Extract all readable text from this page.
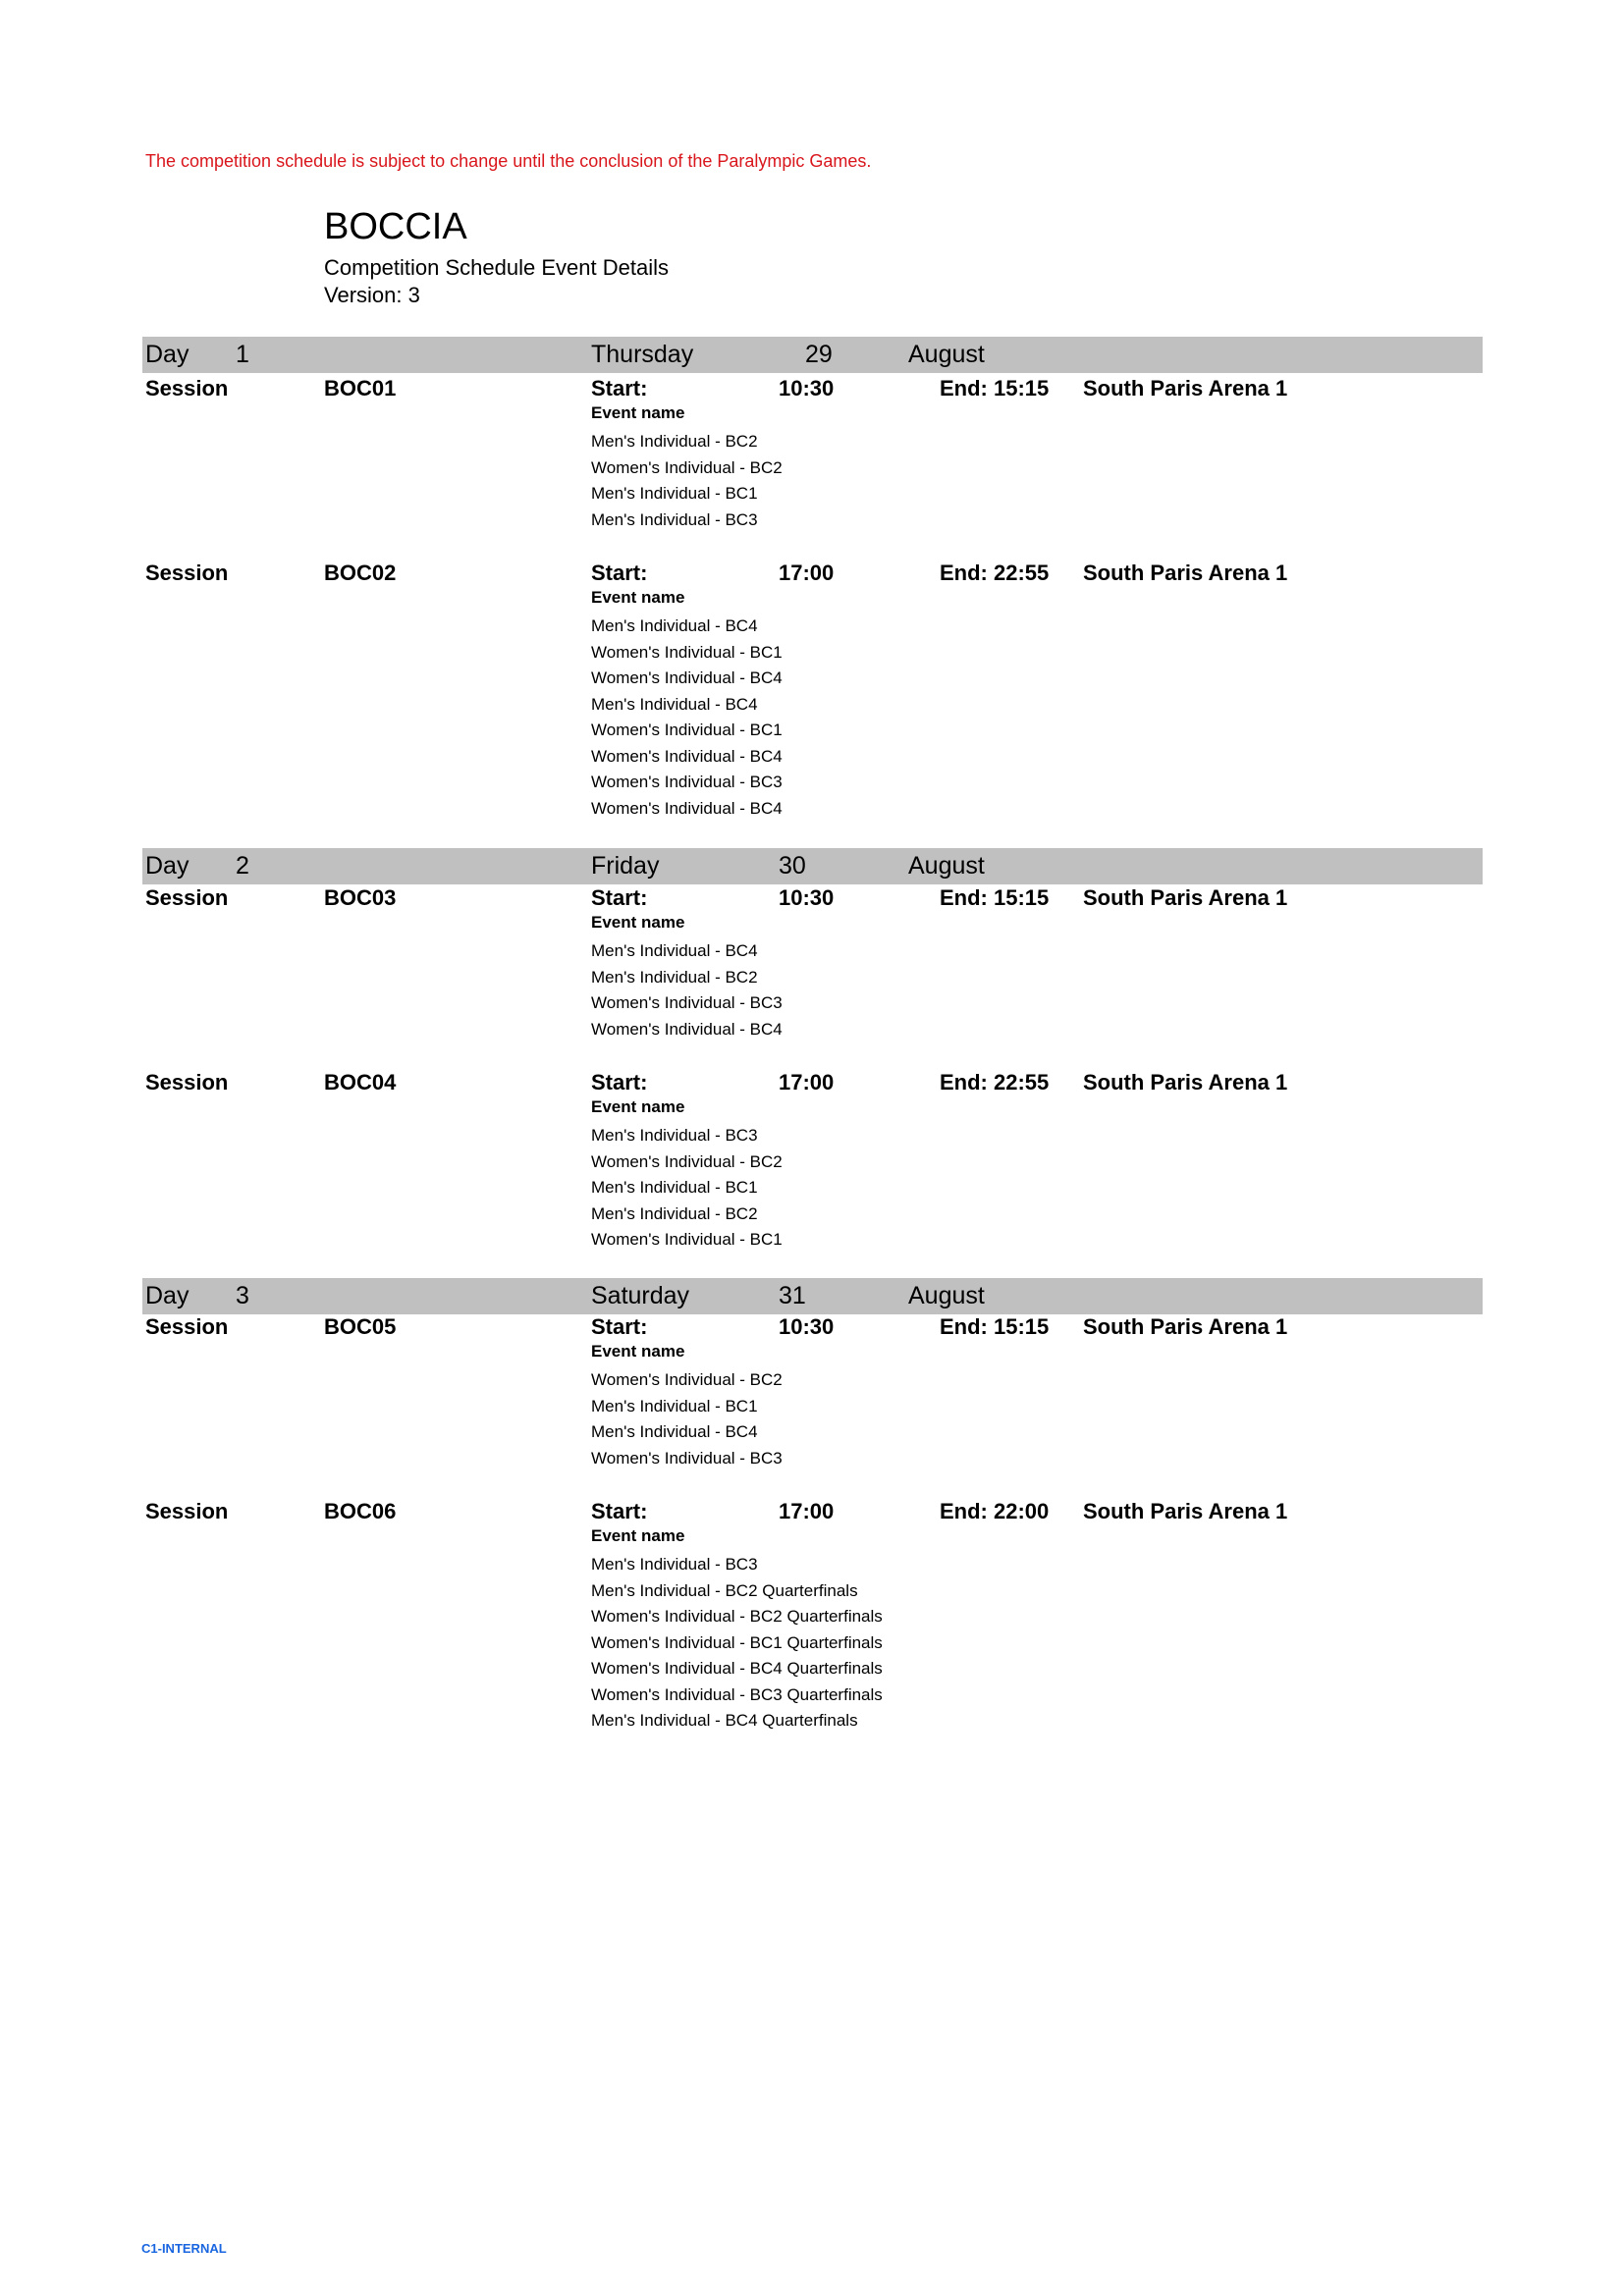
The competition schedule is subject to change until the conclusion of the Paralympic Games.
BOCCIA
Competition Schedule Event Details
Version: 3
Day 1	Thursday	29	August
Session	BOC01	Start:	10:30	End: 15:15 South Paris Arena 1
Event name
Men's Individual - BC2
Women's Individual - BC2
Men's Individual - BC1
Men's Individual - BC3
Session	BOC02	Start:	17:00	End: 22:55 South Paris Arena 1
Event name
Men's Individual - BC4
Women's Individual - BC1
Women's Individual - BC4
Men's Individual - BC4
Women's Individual - BC1
Women's Individual - BC4
Women's Individual - BC3
Women's Individual - BC4
Day 2	Friday	30	August
Session	BOC03	Start:	10:30	End: 15:15 South Paris Arena 1
Event name
Men's Individual - BC4
Men's Individual - BC2
Women's Individual - BC3
Women's Individual - BC4
Session	BOC04	Start:	17:00	End: 22:55 South Paris Arena 1
Event name
Men's Individual - BC3
Women's Individual - BC2
Men's Individual - BC1
Men's Individual - BC2
Women's Individual - BC1
Day 3	Saturday	31	August
Session	BOC05	Start:	10:30	End: 15:15 South Paris Arena 1
Event name
Women's Individual - BC2
Men's Individual - BC1
Men's Individual - BC4
Women's Individual - BC3
Session	BOC06	Start:	17:00	End: 22:00 South Paris Arena 1
Event name
Men's Individual - BC3
Men's Individual - BC2 Quarterfinals
Women's Individual - BC2 Quarterfinals
Women's Individual - BC1 Quarterfinals
Women's Individual - BC4 Quarterfinals
Women's Individual - BC3 Quarterfinals
Men's Individual - BC4 Quarterfinals
C1-INTERNAL
